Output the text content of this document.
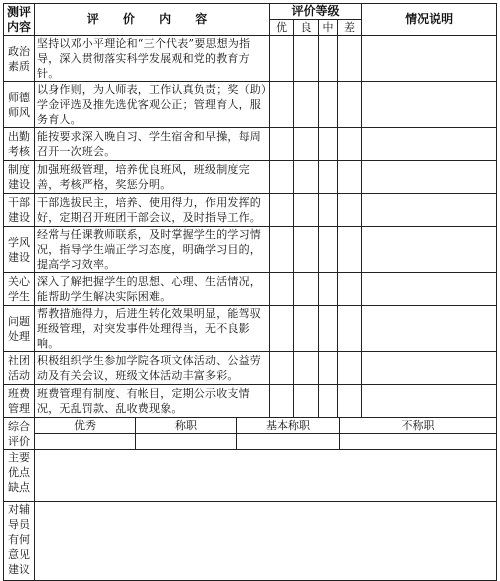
测评内容	评 价 内 容			评价等级					情况说明
				优	良	中	差		
政治素质	坚持以邓小平理论和“三个代表”要思想为指导，深入贯彻落实科学发展观和党的教育方针。								
师德师风	以身作则，为人师表，工作认真负责；奖（助）学金评选及推先选优客观公正；管理育人，服务育人。								
出勤考核	能按要求深入晚自习、学生宿舍和早操，每周召开一次班会。								
制度建设	加强班级管理，培养优良班风，班级制度完善，考核严格，奖惩分明。								
干部建设	干部选拔民主，培养、使用得力，作用发挥的好，定期召开班团干部会议，及时指导工作。								
学风建设	经常与任课教师联系，及时掌握学生的学习情况，指导学生端正学习态度，明确学习目的，提高学习效率。								
关心学生	深入了解把握学生的思想、心理、生活情况，能帮助学生解决实际困难。								
问题处理	帮教措施得力，后进生转化效果明显，能驾驭班级管理，对突发事件处理得当，无不良影响。								
社团活动	积极组织学生参加学院各项文体活动、公益劳动及有关会议，班级文体活动丰富多彩。								
班费管理	班费管理有制度、有帐目，定期公示收支情况，无乱罚款、乱收费现象。								
综合评价	优秀	称职	基本称职					不称职	

主要优点缺点									
对辅导员有何意见建议									
